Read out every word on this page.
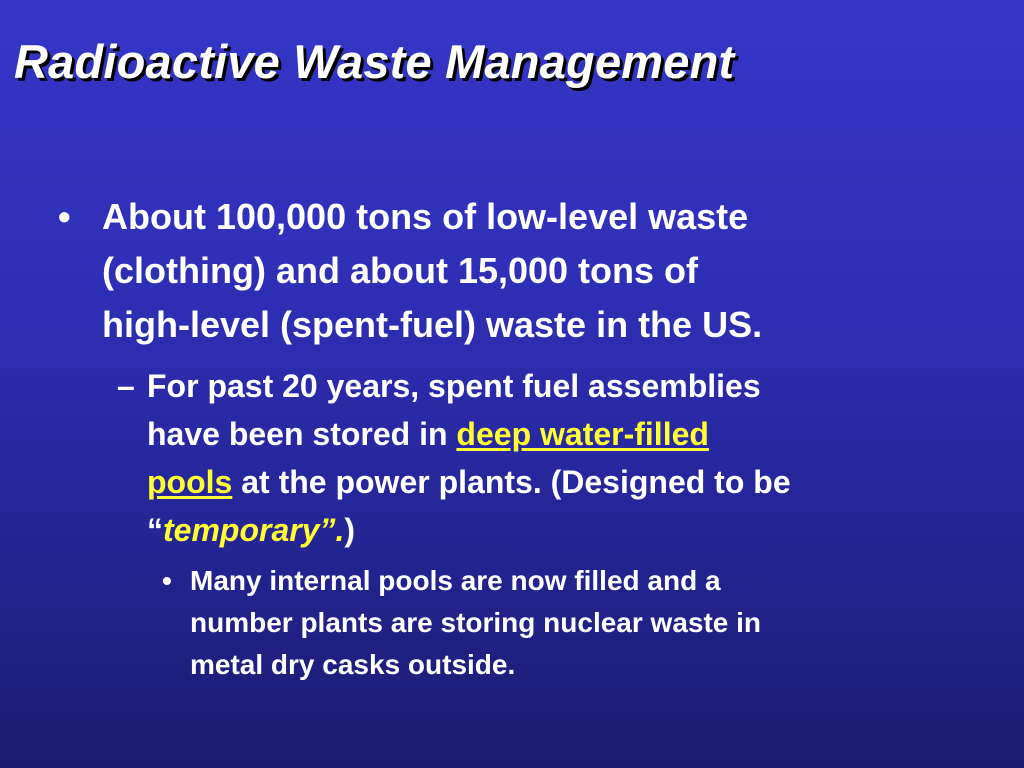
Radioactive Waste Management
• About 100,000 tons of low-level waste
(clothing) and about 15,000 tons of
high-level (spent-fuel) waste in the US.
– For past 20 years, spent fuel assemblies
have been stored in deep water-filled
pools at the power plants. (Designed to be
“temporary”.)
• Many internal pools are now filled and a
number plants are storing nuclear waste in
metal dry casks outside.
